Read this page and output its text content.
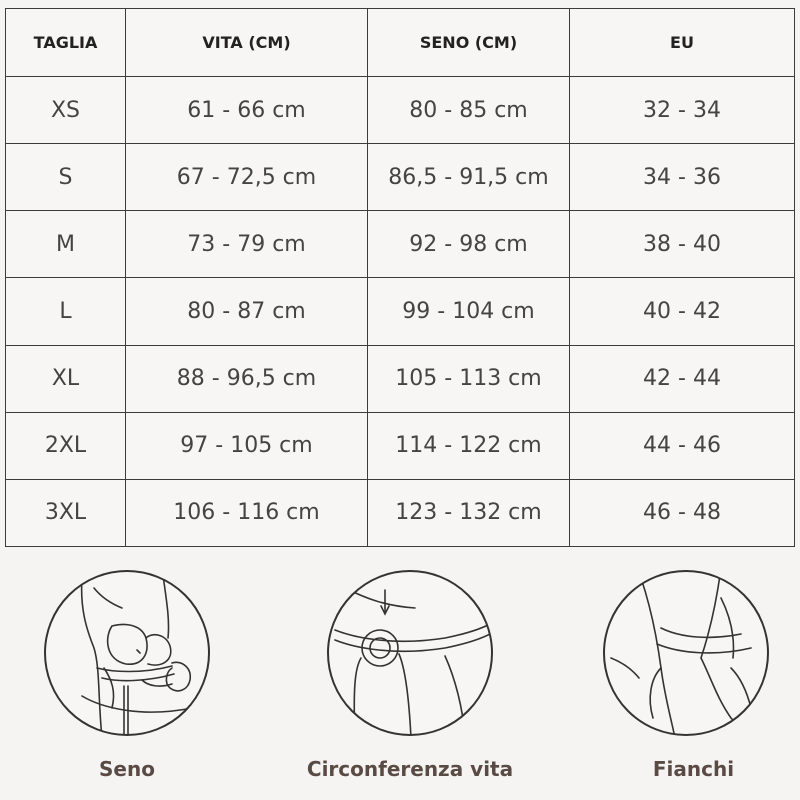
TAGLIA	VITA (CM)	SENO (CM)	EU
XS	61 - 66 cm	80 - 85 cm	32 - 34
S	67 - 72,5 cm	86,5 - 91,5 cm	34 - 36
M	73 - 79 cm	92 - 98 cm	38 - 40
L	80 - 87 cm	99 - 104 cm	40 - 42
XL	88 - 96,5 cm	105 - 113 cm	42 - 44
2XL	97 - 105 cm	114 - 122 cm	44 - 46
3XL	106 - 116 cm	123 - 132 cm	46 - 48
Seno	Circonferenza vita	Fianchi
